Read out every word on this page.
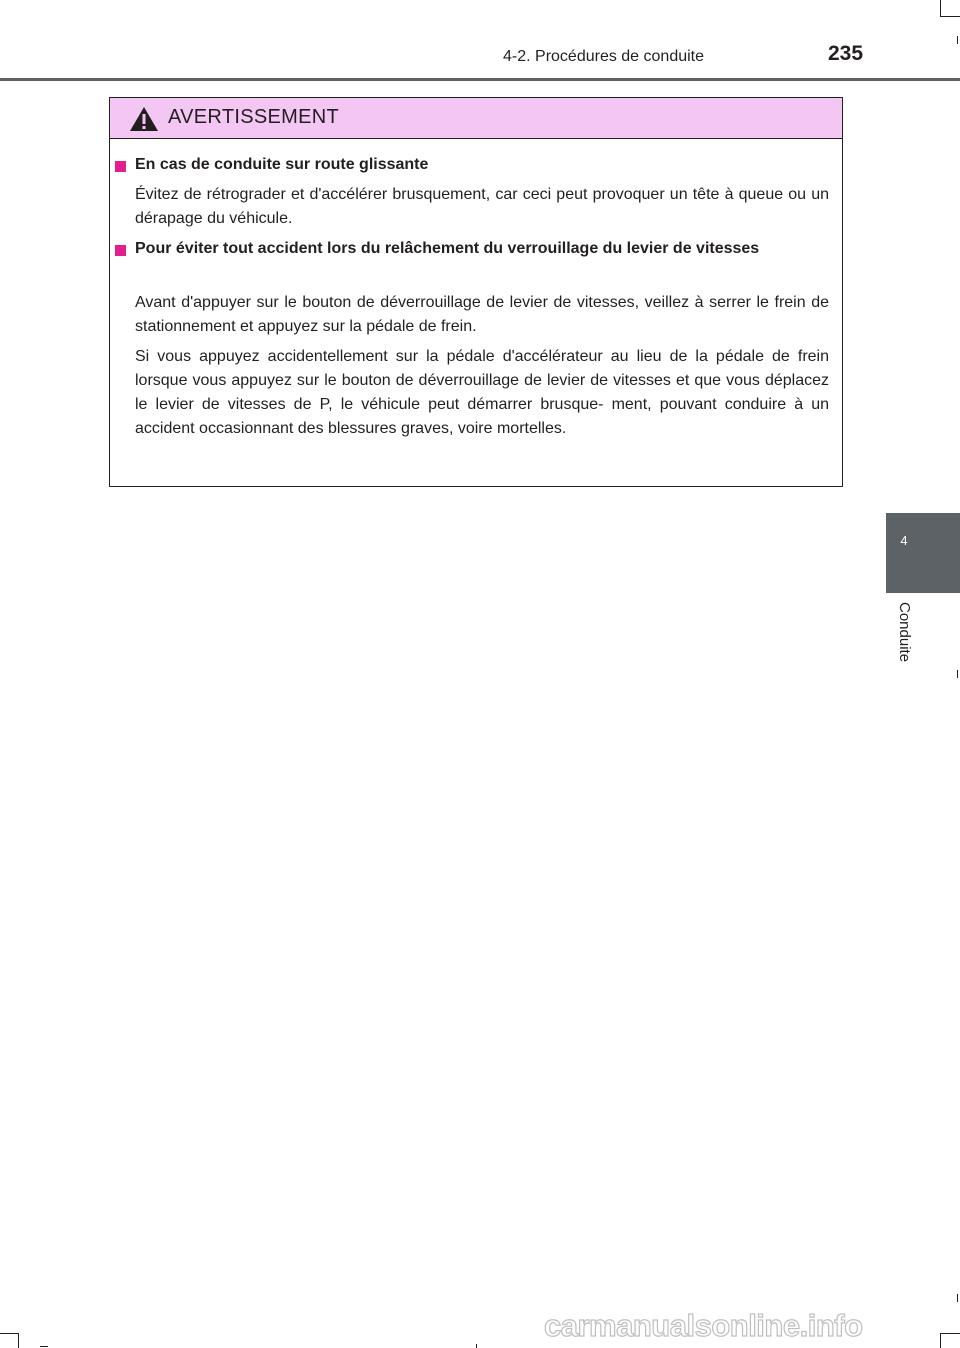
4-2. Procédures de conduite	235
AVERTISSEMENT
En cas de conduite sur route glissante
Évitez de rétrograder et d'accélérer brusquement, car ceci peut provoquer un tête à queue ou un dérapage du véhicule.
Pour éviter tout accident lors du relâchement du verrouillage du levier de vitesses
Avant d'appuyer sur le bouton de déverrouillage de levier de vitesses, veillez à serrer le frein de stationnement et appuyez sur la pédale de frein.
Si vous appuyez accidentellement sur la pédale d'accélérateur au lieu de la pédale de frein lorsque vous appuyez sur le bouton de déverrouillage de levier de vitesses et que vous déplacez le levier de vitesses de P, le véhicule peut démarrer brusque- ment, pouvant conduire à un accident occasionnant des blessures graves, voire mortelles.
4
Conduite
carmanualsonline.info
